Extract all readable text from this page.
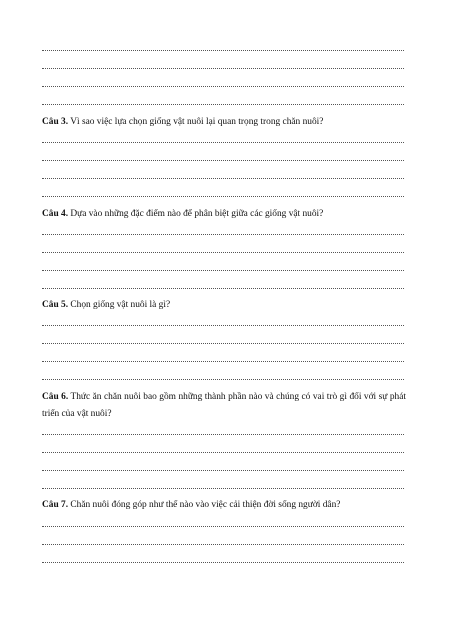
Câu 3. Vì sao việc lựa chọn giống vật nuôi lại quan trọng trong chăn nuôi?
Câu 4. Dựa vào những đặc điểm nào để phân biệt giữa các giống vật nuôi?
Câu 5. Chọn giống vật nuôi là gì?
Câu 6. Thức ăn chăn nuôi bao gồm những thành phần nào và chúng có vai trò gì đối với sự phát triển của vật nuôi?
Câu 7. Chăn nuôi đóng góp như thế nào vào việc cải thiện đời sống người dân?
